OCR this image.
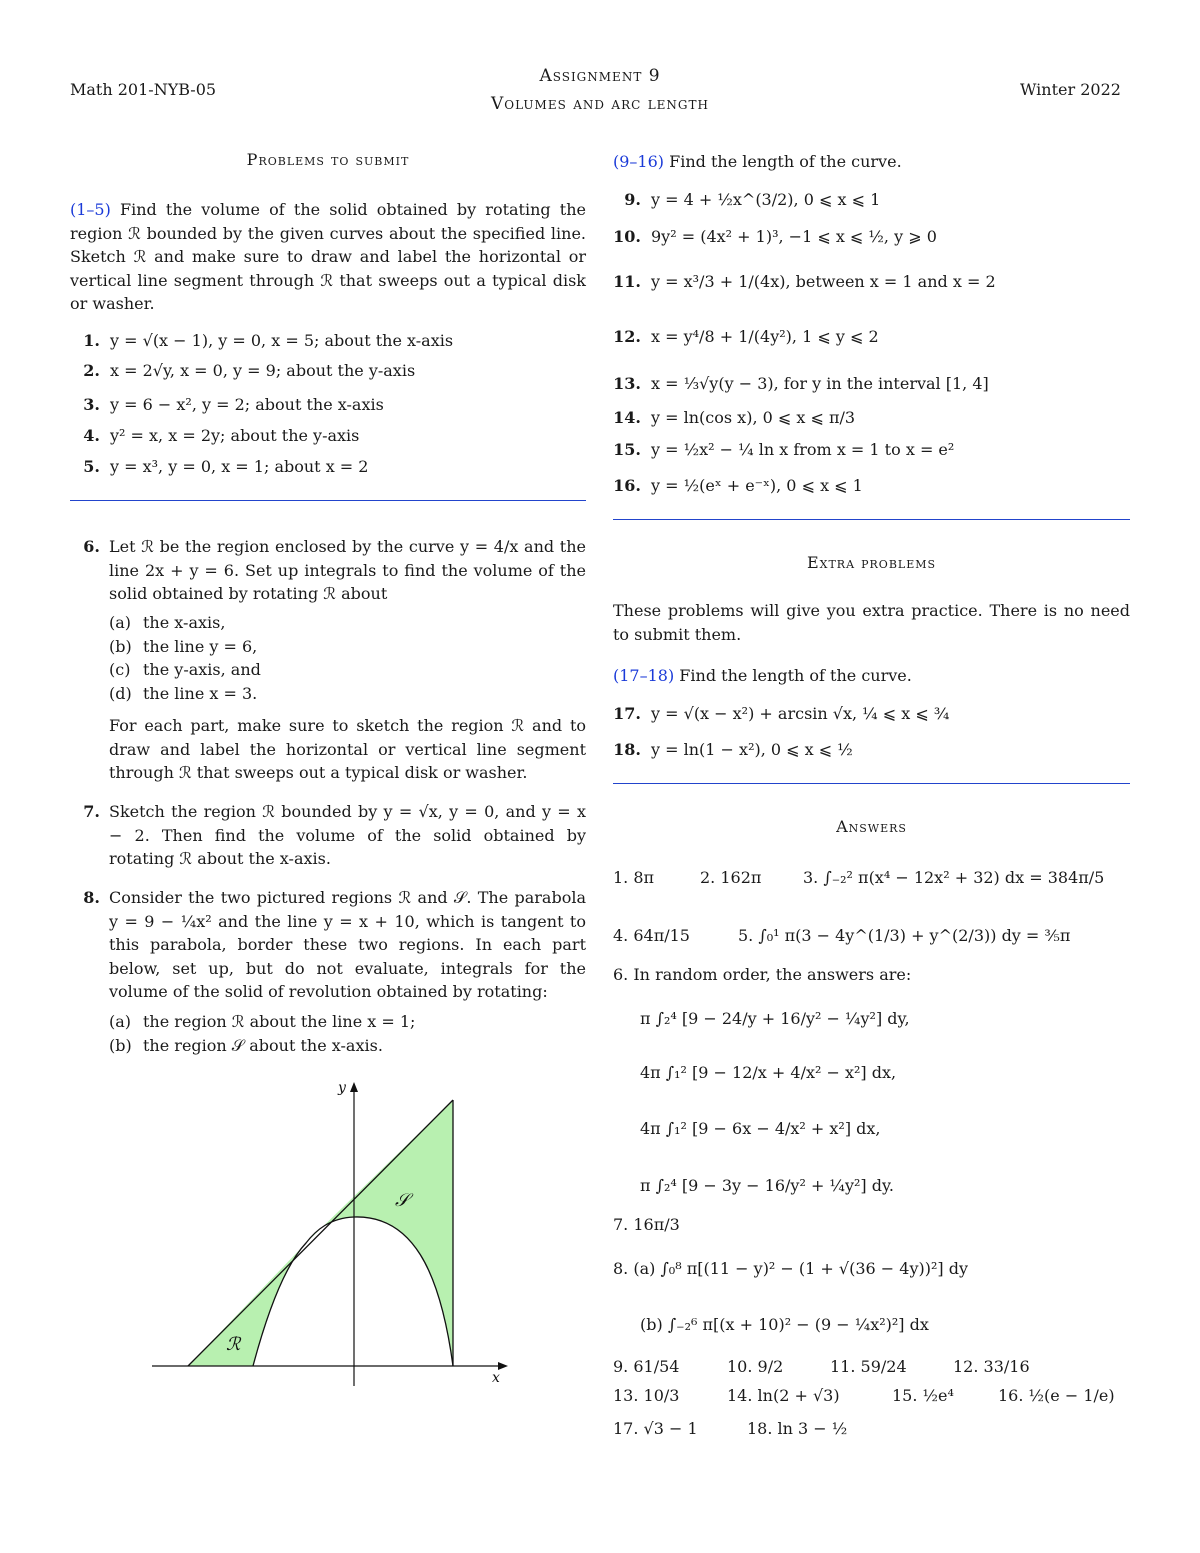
Math 201-NYB-05
Assignment 9
Volumes and arc length
Winter 2022
Problems to submit
(1–5) Find the volume of the solid obtained by rotating the region ℛ bounded by the given curves about the specified line. Sketch ℛ and make sure to draw and label the horizontal or vertical line segment through ℛ that sweeps out a typical disk or washer.
1. y = √(x − 1), y = 0, x = 5; about the x-axis
2. x = 2√y, x = 0, y = 9; about the y-axis
3. y = 6 − x², y = 2; about the x-axis
4. y² = x, x = 2y; about the y-axis
5. y = x³, y = 0, x = 1; about x = 2
6. Let ℛ be the region enclosed by the curve y = 4/x and the line 2x + y = 6. Set up integrals to find the volume of the solid obtained by rotating ℛ about
(a) the x-axis,
(b) the line y = 6,
(c) the y-axis, and
(d) the line x = 3.
For each part, make sure to sketch the region ℛ and to draw and label the horizontal or vertical line segment through ℛ that sweeps out a typical disk or washer.
7. Sketch the region ℛ bounded by y = √x, y = 0, and y = x − 2. Then find the volume of the solid obtained by rotating ℛ about the x-axis.
8. Consider the two pictured regions ℛ and 𝒮. The parabola y = 9 − ¼x² and the line y = x + 10, which is tangent to this parabola, border these two regions. In each part below, set up, but do not evaluate, integrals for the volume of the solid of revolution obtained by rotating:
(a) the region ℛ about the line x = 1;
(b) the region 𝒮 about the x-axis.
(9–16) Find the length of the curve.
9. y = 4 + ½x^(3/2), 0 ⩽ x ⩽ 1
10. 9y² = (4x² + 1)³, −1 ⩽ x ⩽ ½, y ⩾ 0
11. y = x³/3 + 1/(4x), between x = 1 and x = 2
12. x = y⁴/8 + 1/(4y²), 1 ⩽ y ⩽ 2
13. x = ⅓√y(y − 3), for y in the interval [1, 4]
14. y = ln(cos x), 0 ⩽ x ⩽ π/3
15. y = ½x² − ¼ ln x from x = 1 to x = e²
16. y = ½(eˣ + e⁻ˣ), 0 ⩽ x ⩽ 1
Extra problems
These problems will give you extra practice. There is no need to submit them.
(17–18) Find the length of the curve.
17. y = √(x − x²) + arcsin √x, ¼ ⩽ x ⩽ ¾
18. y = ln(1 − x²), 0 ⩽ x ⩽ ½
Answers
1. 8π	2. 162π	3. ∫₋₂² π(x⁴ − 12x² + 32) dx = 384π/5
4. 64π/15	5. ∫₀¹ π(3 − 4y^(1/3) + y^(2/3)) dy = ⅗π
6. In random order, the answers are:
π ∫₂⁴ [9 − 24/y + 16/y² − ¼y²] dy,
4π ∫₁² [9 − 12/x + 4/x² − x²] dx,
4π ∫₁² [9 − 6x − 4/x² + x²] dx,
π ∫₂⁴ [9 − 3y − 16/y² + ¼y²] dy.
7. 16π/3
8. (a) ∫₀⁸ π[(11 − y)² − (1 + √(36 − 4y))²] dy
(b) ∫₋₂⁶ π[(x + 10)² − (9 − ¼x²)²] dx
9. 61/54	10. 9/2	11. 59/24	12. 33/16
13. 10/3	14. ln(2 + √3)	15. ½e⁴	16. ½(e − 1/e)
17. √3 − 1	18. ln 3 − ½
x
y
ℛ
𝒮
